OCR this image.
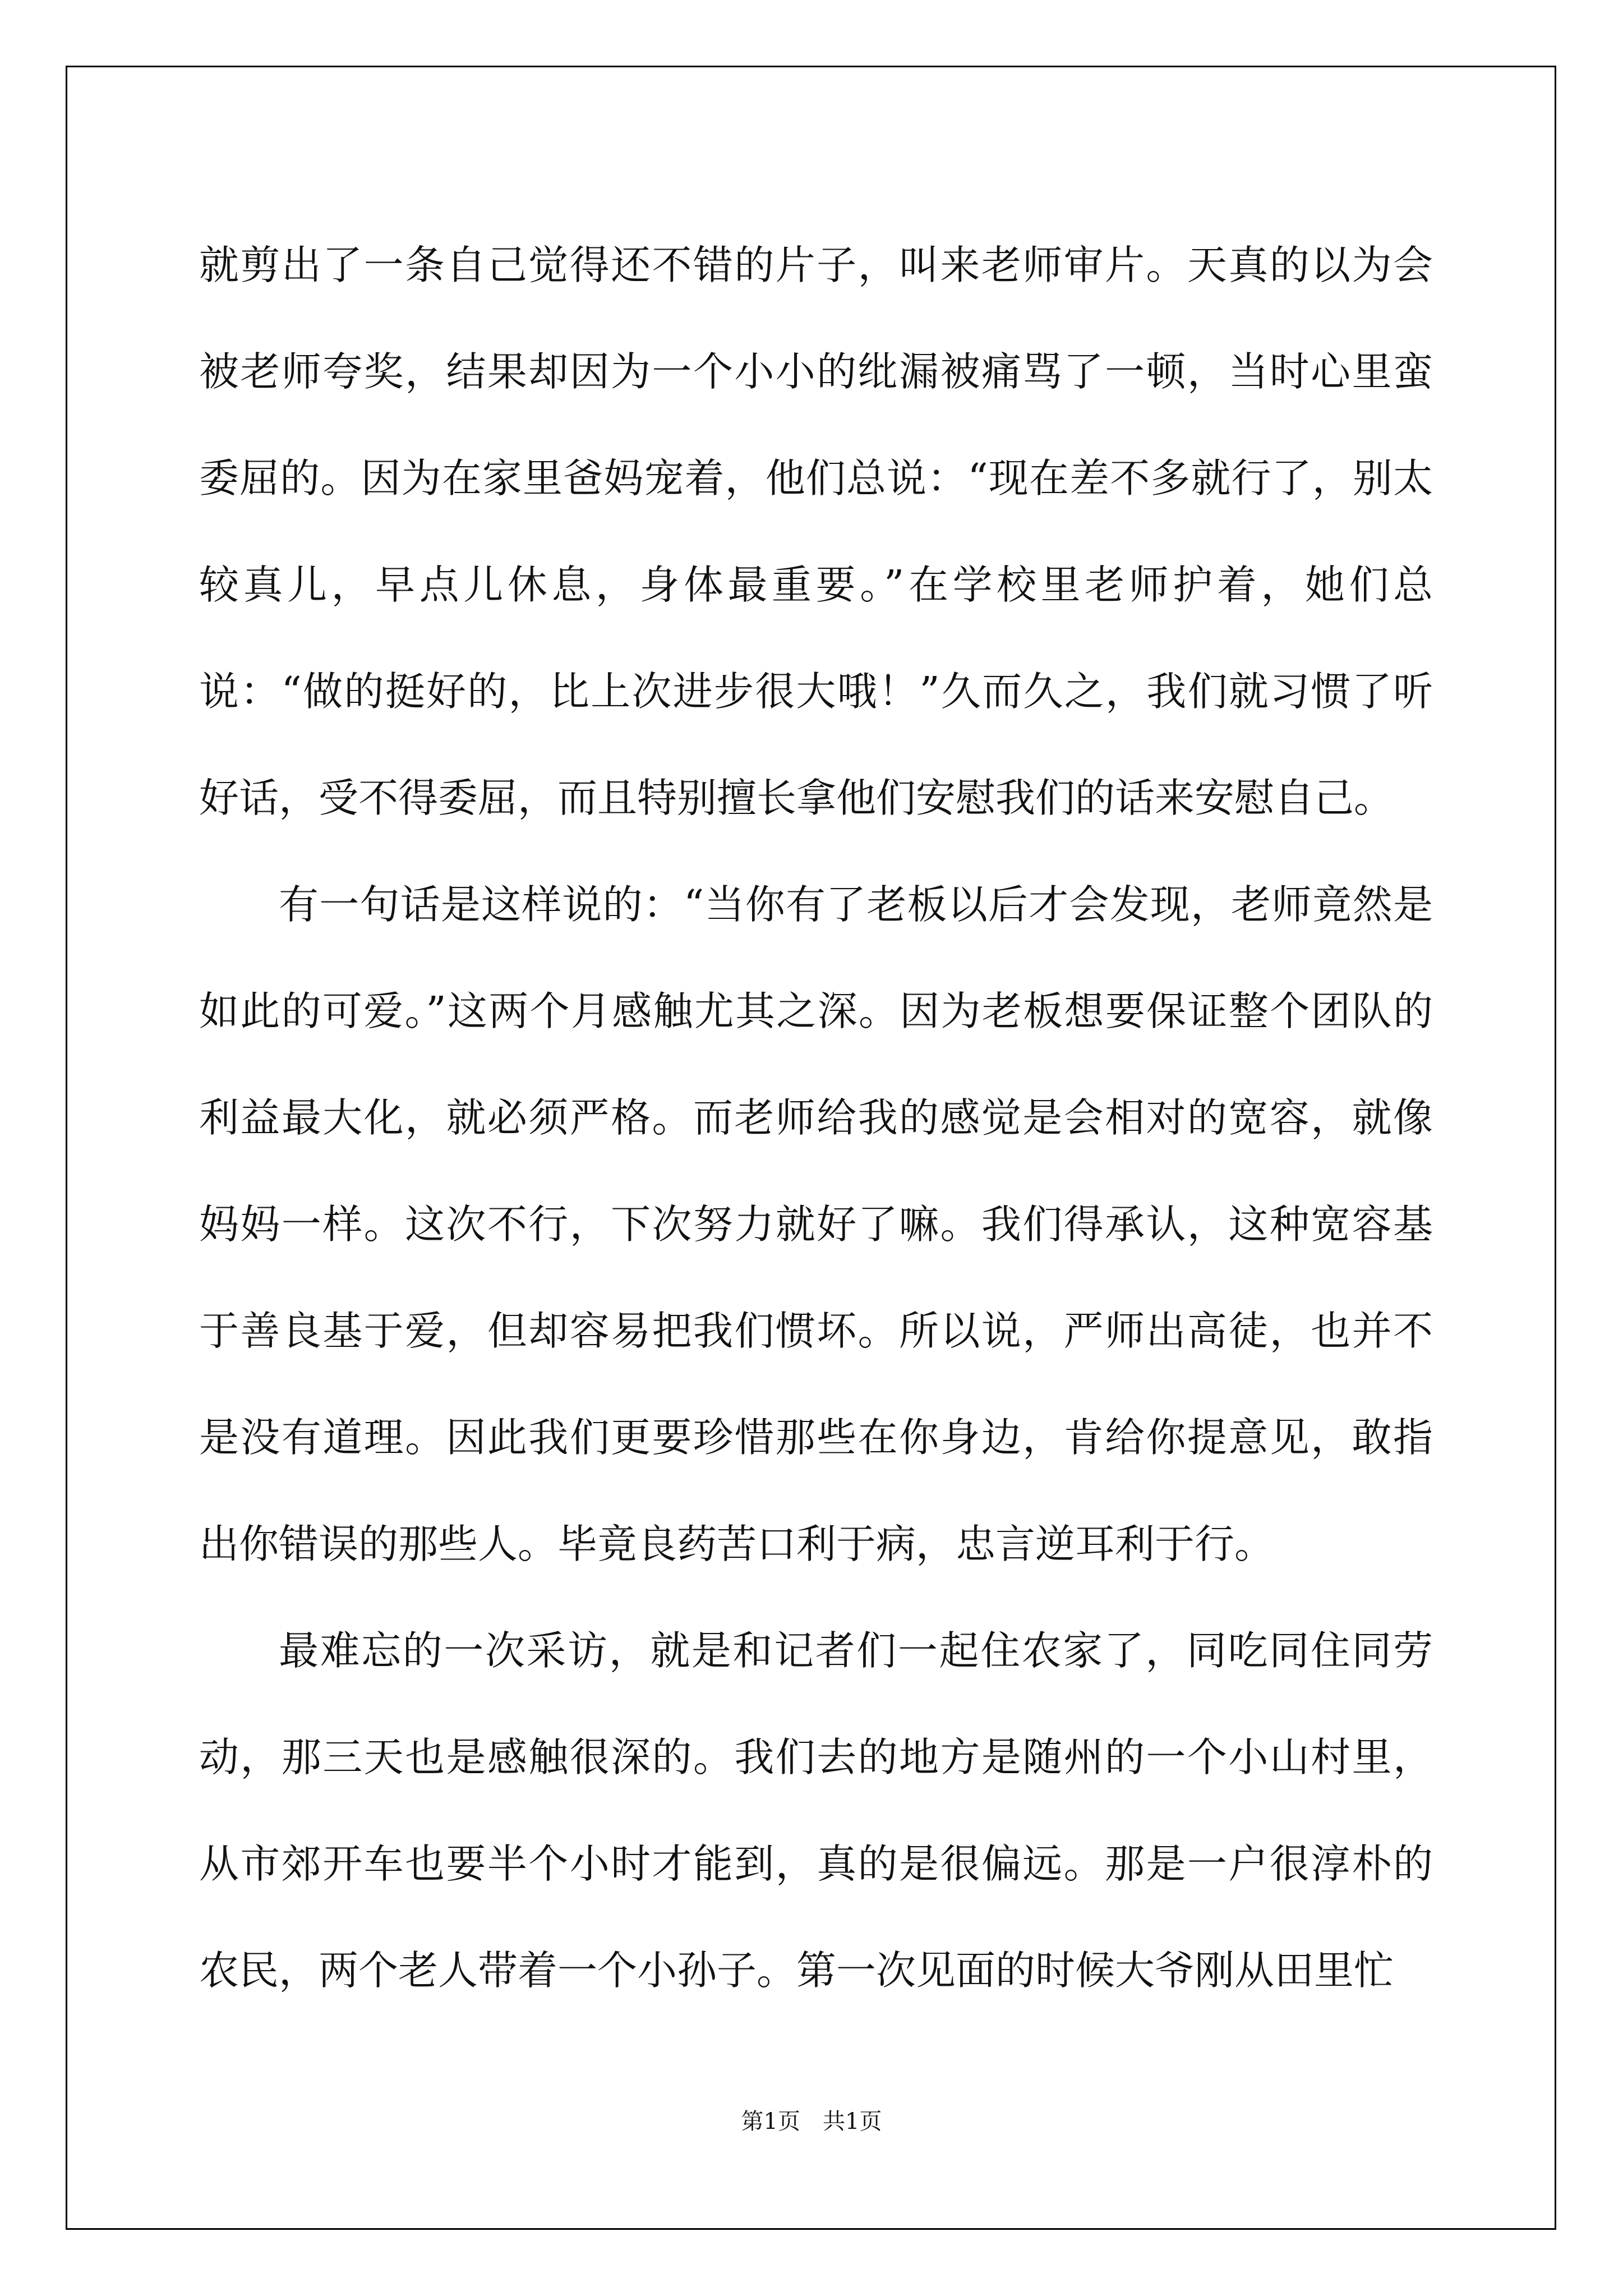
就剪出了一条自己觉得还不错的片子，叫来老师审片。天真的以为会被老师夸奖，结果却因为一个小小的纰漏被痛骂了一顿，当时心里蛮委屈的。因为在家里爸妈宠着，他们总说：“现在差不多就行了，别太较真儿，早点儿休息，身体最重要。”在学校里老师护着，她们总说：“做的挺好的，比上次进步很大哦！”久而久之，我们就习惯了听好话，受不得委屈，而且特别擅长拿他们安慰我们的话来安慰自己。

有一句话是这样说的：“当你有了老板以后才会发现，老师竟然是如此的可爱。”这两个月感触尤其之深。因为老板想要保证整个团队的利益最大化，就必须严格。而老师给我的感觉是会相对的宽容，就像妈妈一样。这次不行，下次努力就好了嘛。我们得承认，这种宽容基于善良基于爱，但却容易把我们惯坏。所以说，严师出高徒，也并不是没有道理。因此我们更要珍惜那些在你身边，肯给你提意见，敢指出你错误的那些人。毕竟良药苦口利于病，忠言逆耳利于行。

最难忘的一次采访，就是和记者们一起住农家了，同吃同住同劳动，那三天也是感触很深的。我们去的地方是随州的一个小山村里，从市郊开车也要半个小时才能到，真的是很偏远。那是一户很淳朴的农民，两个老人带着一个小孙子。第一次见面的时候大爷刚从田里忙

第1页　共1页
